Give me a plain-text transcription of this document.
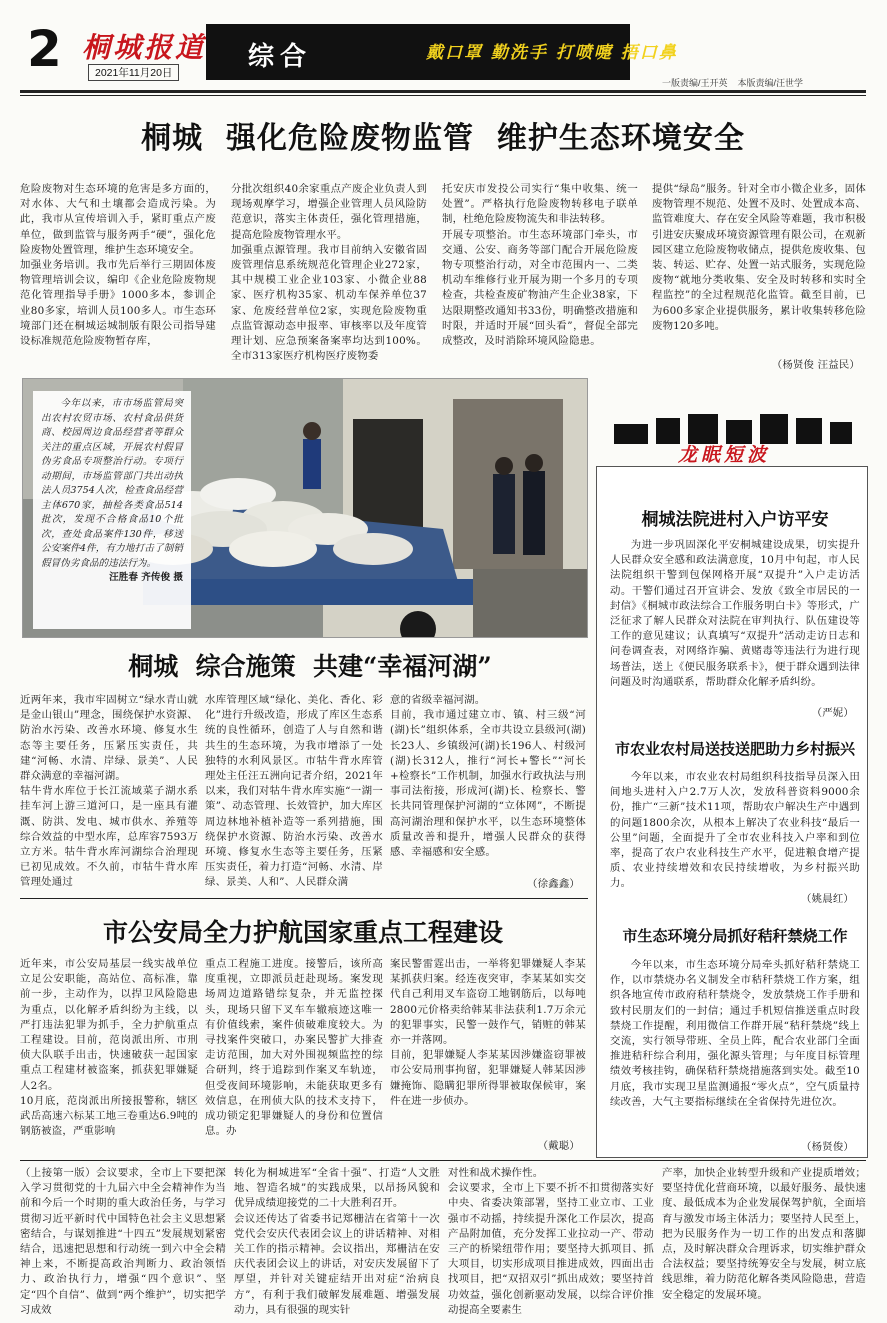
2 桐城报道
2021年11月20日
综合	戴口罩 勤洗手 打喷嚏 捂口鼻
一版责编/王开英    本版责编/汪世学
桐城  强化危险废物监管  维护生态环境安全

危险废物对生态环境的危害是多方面的，对水体、大气和土壤都会造成污染。为此，我市从宣传培训入手，紧盯重点产废单位，做到监管与服务两手“硬”，强化危险废物处置管理，维护生态环境安全。
加强业务培训。我市先后举行三期固体废物管理培训会议，编印《企业危险废物规范化管理指导手册》1000多本，参训企业80多家，培训人员100多人。市生态环境部门还在桐城运城制版有限公司指导建设标准规范危险废物暂存库，

分批次组织40余家重点产废企业负责人到现场观摩学习，增强企业管理人员风险防范意识，落实主体责任，强化管理措施，提高危险废物管理水平。
加强重点源管理。我市目前纳入安徽省固废管理信息系统规范化管理企业272家，其中规模工业企业103家、小微企业88家、医疗机构35家、机动车保养单位37家、危废经营单位2家，实现危险废物重点监管源动态申报率、审核率以及年度管理计划、应急预案备案率均达到100%。全市313家医疗机构医疗废物委

托安庆市发投公司实行“集中收集、统一处置”。严格执行危险废物转移电子联单制，杜绝危险废物流失和非法转移。
开展专项整治。市生态环境部门牵头，市交通、公安、商务等部门配合开展危险废物专项整治行动，对全市范围内一、二类机动车维修行业开展为期一个多月的专项检查，共检查废矿物油产生企业38家，下达限期整改通知书33份，明确整改措施和时限，并适时开展“回头看”，督促全部完成整改，及时消除环境风险隐患。

提供“绿岛”服务。针对全市小微企业多，固体废物管理不规范、处置不及时、处置成本高、监管难度大、存在安全风险等难题，我市积极引进安庆聚成环境资源管理有限公司，在观新园区建立危险废物收储点，提供危废收集、包装、转运、贮存、处置一站式服务，实现危险废物“就地分类收集、安全及时转移和实时全程监控”的全过程规范化监管。截至目前，已为600多家企业提供服务，累计收集转移危险废物120多吨。

（杨贤俊 汪益民）
今年以来，市市场监管局突出农村农贸市场、农村食品供货商、校园周边食品经营者等群众关注的重点区域，开展农村假冒伪劣食品专项整治行动。专项行动期间，市场监管部门共出动执法人员3754人次，检查食品经营主体670家，抽检各类食品514批次，发现不合格食品10个批次，查处食品案件130件，移送公安案件4件，有力地打击了制销假冒伪劣食品的违法行为。
汪胜春 齐传俊 摄
桐城  综合施策  共建“幸福河湖”

近两年来，我市牢固树立“绿水青山就是金山银山”理念，围绕保护水资源、防治水污染、改善水环境、修复水生态等主要任务，压紧压实责任，共建“河畅、水清、岸绿、景美”、人民群众满意的幸福河湖。
牯牛背水库位于长江流域菜子湖水系挂车河上游三道河口，是一座具有灌溉、防洪、发电、城市供水、养殖等综合效益的中型水库，总库容7593万立方米。牯牛背水库河湖综合治理现已初见成效。不久前，市牯牛背水库管理处通过

水库管理区域“绿化、美化、香化、彩化”进行升级改造，形成了库区生态系统的良性循环，创造了人与自然和谐共生的生态环境，为我市增添了一处独特的水利风景区。市牯牛背水库管理处主任汪五洲向记者介绍，2021年以来，我们对牯牛背水库实施“一湖一策”、动态管理、长效管护，加大库区周边林地补植补造等一系列措施，围绕保护水资源、防治水污染、改善水环境、修复水生态等主要任务，压紧压实责任，着力打造“河畅、水清、岸绿、景美、人和”、人民群众满

意的省级幸福河湖。
目前，我市通过建立市、镇、村三级“河(湖)长”组织体系，全市共设立县级河(湖)长23人、乡镇级河(湖)长196人、村级河(湖)长312人，推行“河长+警长”“河长+检察长”工作机制，加强水行政执法与刑事司法衔接，形成河(湖)长、检察长、警长共同管理保护河湖的“立体网”，不断提高河湖治理和保护水平，以生态环境整体质量改善和提升，增强人民群众的获得感、幸福感和安全感。

（徐鑫鑫）
市公安局全力护航国家重点工程建设

近年来，市公安局基层一线实战单位立足公安职能，高站位、高标准，靠前一步，主动作为，以捍卫风险隐患为重点，以化解矛盾纠纷为主线，以严打违法犯罪为抓手，全力护航重点工程建设。目前，范岗派出所、市刑侦大队联手出击，快速破获一起国家重点工程建材被盗案，抓获犯罪嫌疑人2名。
10月底，范岗派出所接报警称，辖区武岳高速六标某工地三卷重达6.9吨的钢筋被盗，严重影响

重点工程施工进度。接警后，该所高度重视，立即派员赶赴现场。案发现场周边道路错综复杂，并无监控探头，现场只留下叉车车辙痕迹这唯一有价值线索，案件侦破难度较大。为寻找案件突破口，办案民警扩大排查走访范围，加大对外围视频监控的综合研判，终于追踪到作案叉车轨迹，但受夜间环境影响，未能获取更多有效信息，在刑侦大队的技术支持下，成功锁定犯罪嫌疑人的身份和位置信息。办

案民警雷霆出击，一举将犯罪嫌疑人李某某抓获归案。经连夜突审，李某某如实交代自己利用叉车盗窃工地钢筋后，以每吨2800元价格卖给韩某非法获利1.7万余元的犯罪事实，民警一鼓作气，销赃的韩某亦一并落网。
目前，犯罪嫌疑人李某某因涉嫌盗窃罪被市公安局刑事拘留，犯罪嫌疑人韩某因涉嫌掩饰、隐瞒犯罪所得罪被取保候审，案件在进一步侦办。

（戴聪）
龙眠短波
桐城法院进村入户访平安

为进一步巩固深化平安桐城建设成果，切实提升人民群众安全感和政法满意度，10月中旬起，市人民法院组织干警到包保网格开展“双提升”入户走访活动。干警们通过召开宣讲会、发放《致全市居民的一封信》《桐城市政法综合工作服务明白卡》等形式，广泛征求了解人民群众对法院在审判执行、队伍建设等工作的意见建议；认真填写“双提升”活动走访日志和问卷调查表，对网络诈骗、黄赌毒等违法行为进行现场普法，送上《便民服务联系卡》，便于群众遇到法律问题及时沟通联系，帮助群众化解矛盾纠纷。

（严妮）
市农业农村局送技送肥助力乡村振兴

今年以来，市农业农村局组织科技指导员深入田间地头进村入户2.7万人次，发放科普资料9000余份，推广“三新”技术11项，帮助农户解决生产中遇到的问题1800余次，从根本上解决了农业科技“最后一公里”问题，全面提升了全市农业科技入户率和到位率，提高了农户农业科技生产水平，促进粮食增产提质、农业持续增效和农民持续增收，为乡村振兴助力。

（姚晨红）
市生态环境分局抓好秸秆禁烧工作

今年以来，市生态环境分局牵头抓好秸秆禁烧工作，以市禁烧办名义制发全市秸秆禁烧工作方案，组织各地宣传市政府秸秆禁烧令，发放禁烧工作手册和致村民朋友们的一封信；通过手机短信推送重点时段禁烧工作提醒，利用微信工作群开展“秸秆禁烧”线上交流，实行领导带班、全员上阵，配合农业部门全面推进秸秆综合利用，强化源头管理；与年度目标管理绩效考核挂钩，确保秸秆禁烧措施落到实处。截至10月底，我市实现卫星监测通报“零火点”，空气质量持续改善，大气主要指标继续在全省保持先进位次。

（杨贤俊）

（上接第一版）会议要求，全市上下要把深入学习贯彻党的十九届六中全会精神作为当前和今后一个时期的重大政治任务，与学习贯彻习近平新时代中国特色社会主义思想紧密结合，与谋划推进“十四五”发展规划紧密结合，迅速把思想和行动统一到六中全会精神上来，不断提高政治判断力、政治领悟力、政治执行力，增强“四个意识”、坚定“四个自信”、做到“两个维护”，切实把学习成效

转化为桐城进军“全省十强”、打造“人文胜地、智造名城”的实践成果，以昂扬风貌和优异成绩迎接党的二十大胜利召开。
会议还传达了省委书记郑栅洁在省第十一次党代会安庆代表团会议上的讲话精神、对相关工作的指示精神。会议指出，郑栅洁在安庆代表团会议上的讲话，对安庆发展留下了厚望，并针对关键症结开出对症“治病良方”，有利于我们破解发展难题、增强发展动力，具有很强的现实针

对性和战术操作性。
会议要求，全市上下要不折不扣贯彻落实好中央、省委决策部署，坚持工业立市、工业强市不动摇，持续提升深化工作层次，提高产品附加值，充分发挥工业拉动一产、带动三产的桥梁纽带作用；要坚持大抓项目、抓大项目，切实形成项目推进成效，四面出击找项目，把“双招双引”抓出成效；要坚持首功效益，强化创新驱动发展，以综合评价推动提高全要素生

产率，加快企业转型升级和产业提质增效；要坚持优化营商环境，以最好服务、最快速度、最低成本为企业发展保驾护航，全面培育与激发市场主体活力；要坚持人民至上，把为民服务作为一切工作的出发点和落脚点，及时解决群众合理诉求，切实维护群众合法权益；要坚持统筹安全与发展，树立底线思维，着力防范化解各类风险隐患，营造安全稳定的发展环境。
